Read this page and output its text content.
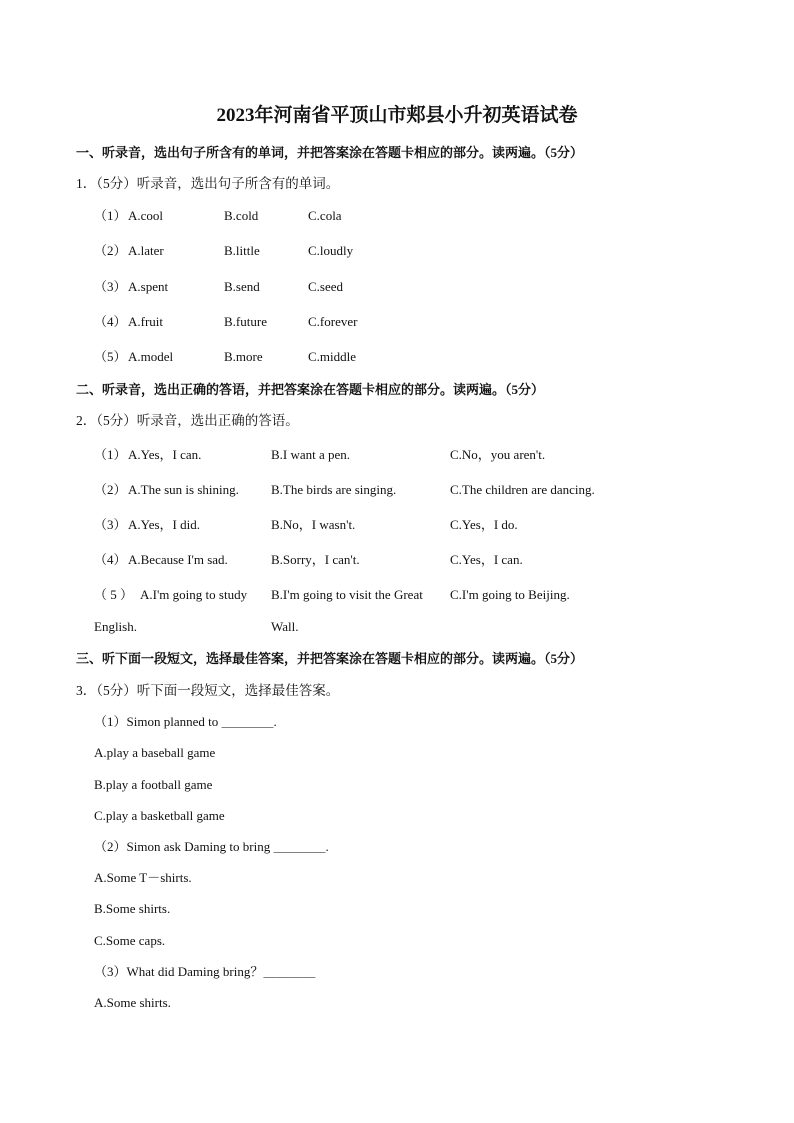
2023年河南省平顶山市郏县小升初英语试卷
一、听录音，选出句子所含有的单词，并把答案涂在答题卡相应的部分。读两遍。（5分）
1．（5分）听录音，选出句子所含有的单词。
（1） A.cool	B.cold	C.cola
（2） A.later	B.little	C.loudly
（3） A.spent	B.send	C.seed
（4） A.fruit	B.future	C.forever
（5） A.model	B.more	C.middle
二、听录音，选出正确的答语，并把答案涂在答题卡相应的部分。读两遍。（5分）
2．（5分）听录音，选出正确的答语。
（1） A.Yes，I can.	B.I want a pen.	C.No，you aren't.
（2） A.The sun is shining. B.The birds are singing.	C.The children are dancing.
（3） A.Yes，I did.	B.No，I wasn't.	C.Yes，I do.
（4） A.Because I'm sad.	B.Sorry，I can't.	C.Yes，I can.
（ 5 ） A.I'm going to study B.I'm going to visit the Great C.I'm going to Beijing.
English.	Wall.
三、听下面一段短文，选择最佳答案，并把答案涂在答题卡相应的部分。读两遍。（5分）
3．（5分）听下面一段短文，选择最佳答案。
（1）Simon planned to ＿＿＿＿.
A.play a baseball game
B.play a football game
C.play a basketball game
（2）Simon ask Daming to bring ＿＿＿＿.
A.Some T－shirts.
B.Some shirts.
C.Some caps.
（3）What did Daming bring？＿＿＿＿
A.Some shirts.
